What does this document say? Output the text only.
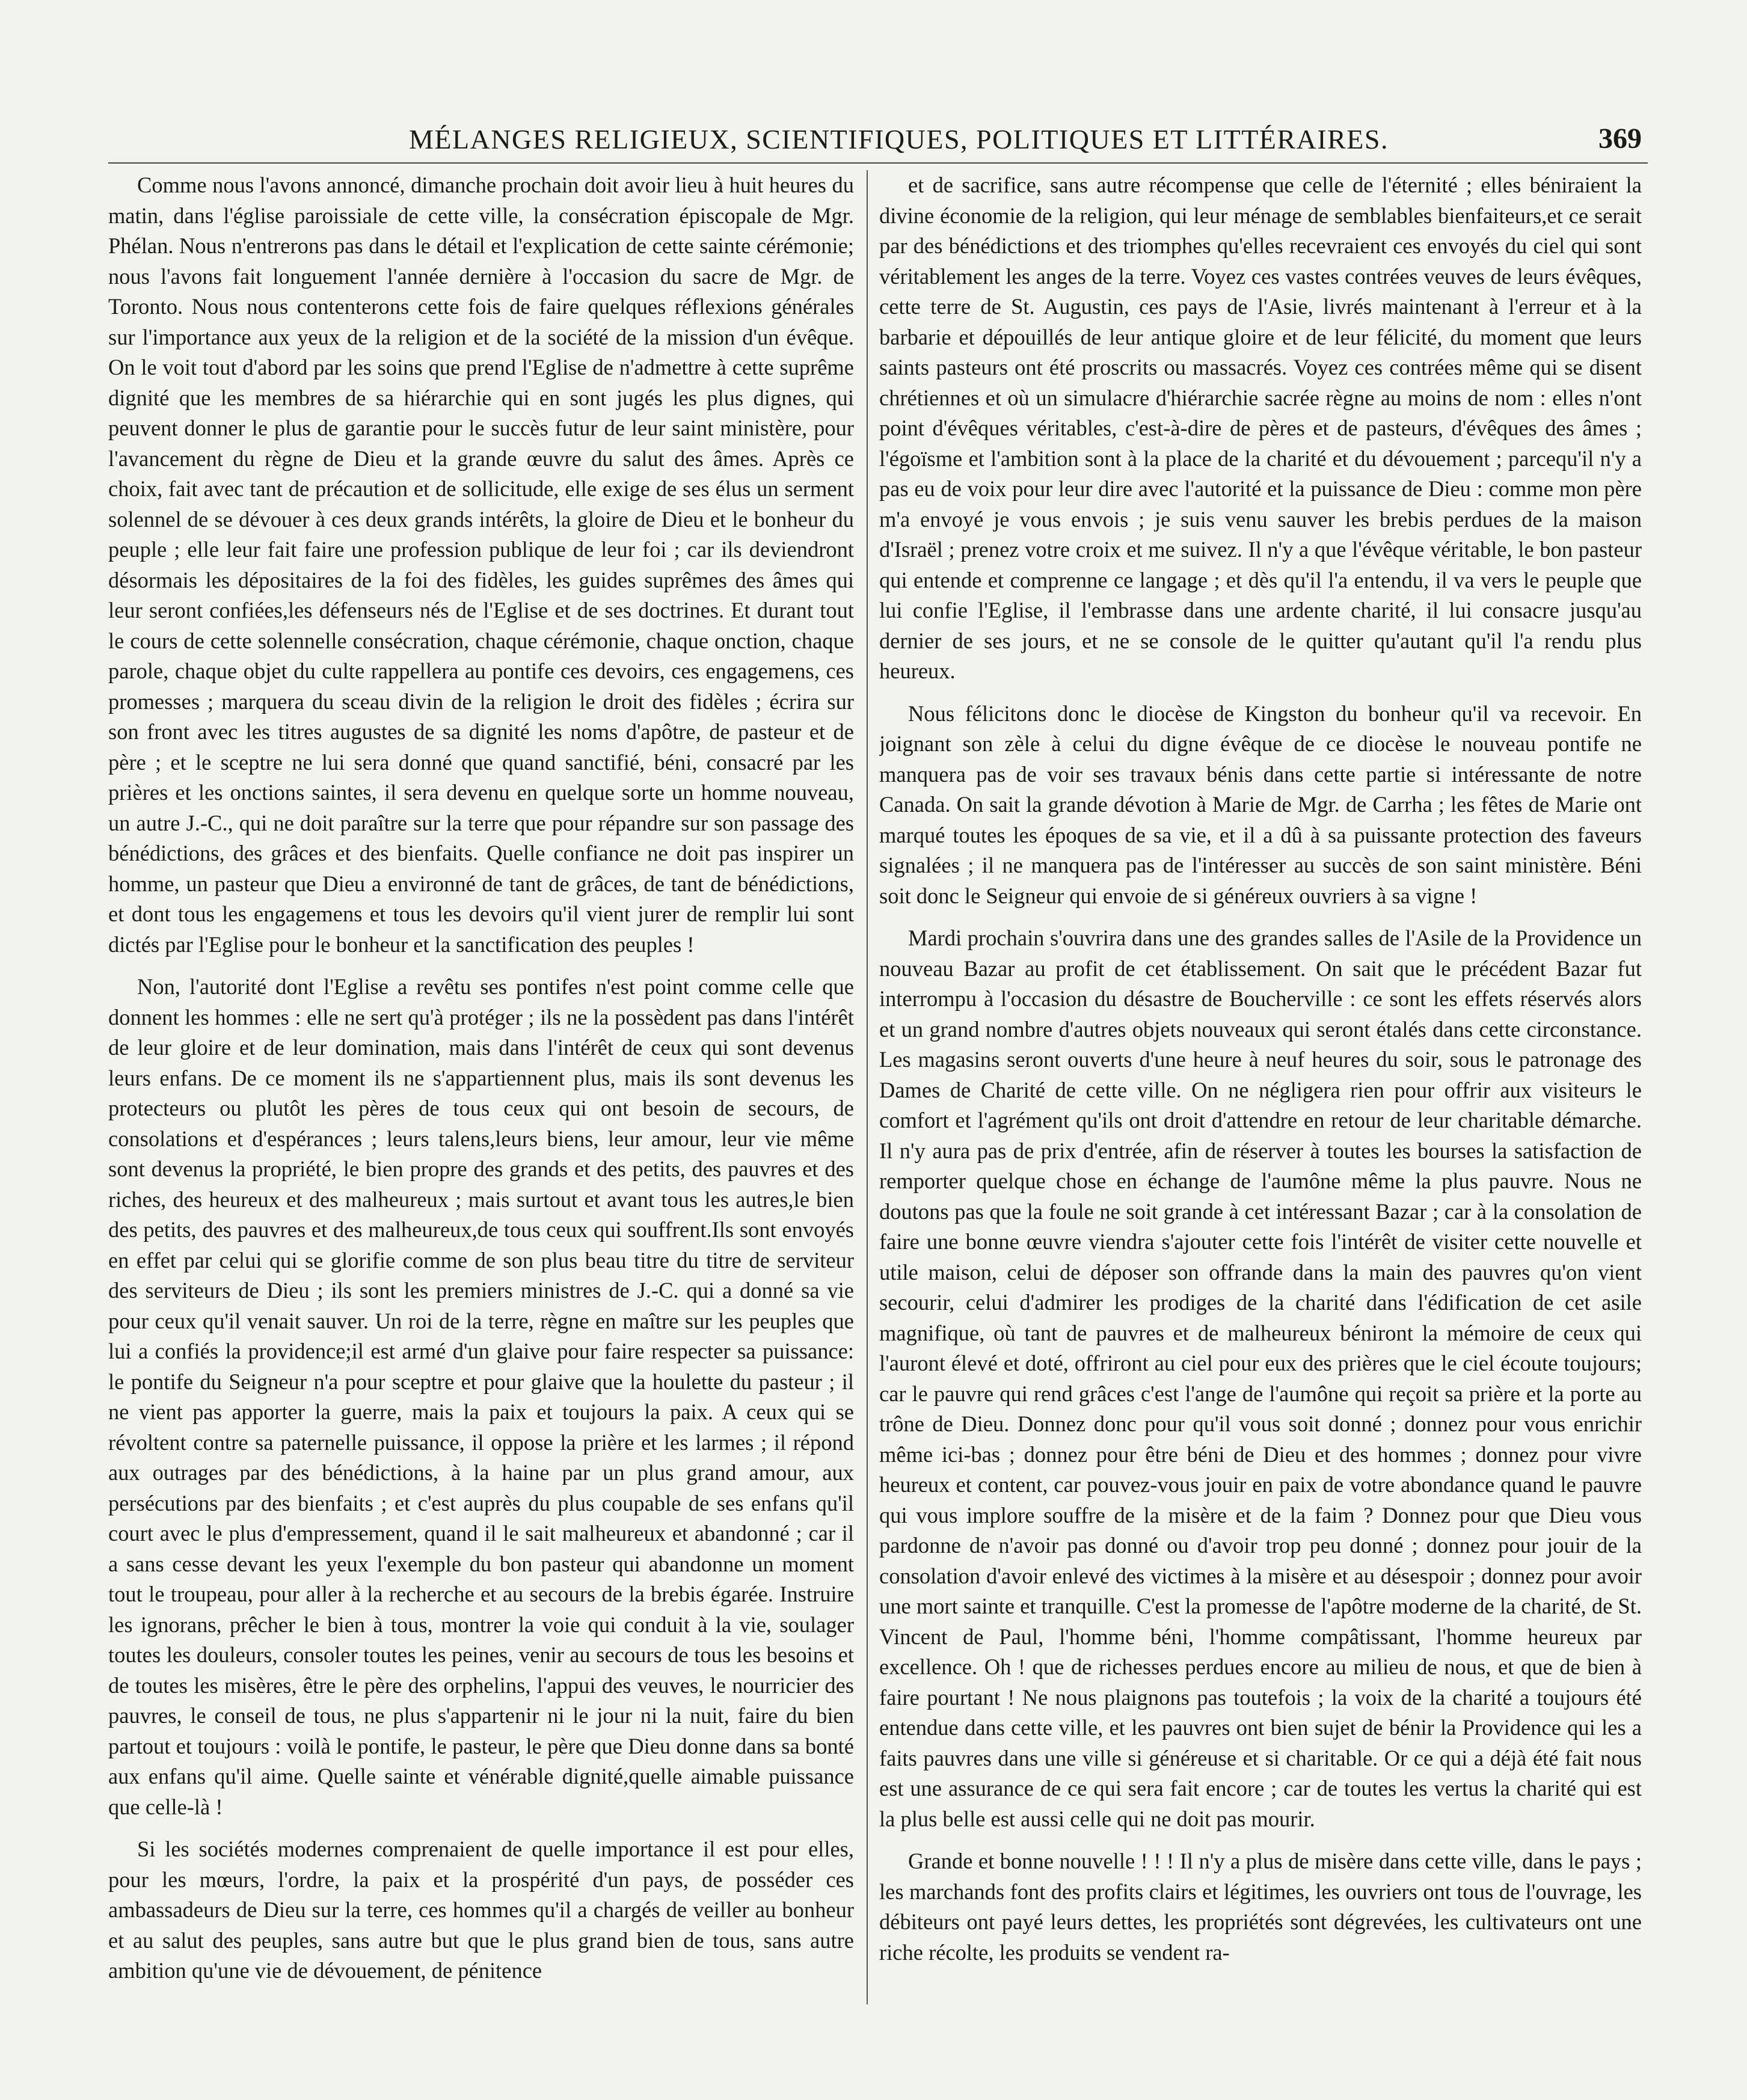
MÉLANGES RELIGIEUX, SCIENTIFIQUES, POLITIQUES ET LITTÉRAIRES.	369

Comme nous l'avons annoncé, dimanche prochain doit avoir lieu à huit heures du matin, dans l'église paroissiale de cette ville, la consécration épiscopale de Mgr. Phélan. Nous n'entrerons pas dans le détail et l'explication de cette sainte cérémonie; nous l'avons fait longuement l'année dernière à l'occasion du sacre de Mgr. de Toronto. Nous nous contenterons cette fois de faire quelques réflexions générales sur l'importance aux yeux de la religion et de la société de la mission d'un évêque. On le voit tout d'abord par les soins que prend l'Eglise de n'admettre à cette suprême dignité que les membres de sa hiérarchie qui en sont jugés les plus dignes, qui peuvent donner le plus de garantie pour le succès futur de leur saint ministère, pour l'avancement du règne de Dieu et la grande œuvre du salut des âmes. Après ce choix, fait avec tant de précaution et de sollicitude, elle exige de ses élus un serment solennel de se dévouer à ces deux grands intérêts, la gloire de Dieu et le bonheur du peuple ; elle leur fait faire une profession publique de leur foi ; car ils deviendront désormais les dépositaires de la foi des fidèles, les guides suprêmes des âmes qui leur seront confiées,les défenseurs nés de l'Eglise et de ses doctrines. Et durant tout le cours de cette solennelle consécration, chaque cérémonie, chaque onction, chaque parole, chaque objet du culte rappellera au pontife ces devoirs, ces engagemens, ces promesses ; marquera du sceau divin de la religion le droit des fidèles ; écrira sur son front avec les titres augustes de sa dignité les noms d'apôtre, de pasteur et de père ; et le sceptre ne lui sera donné que quand sanctifié, béni, consacré par les prières et les onctions saintes, il sera devenu en quelque sorte un homme nouveau, un autre J.-C., qui ne doit paraître sur la terre que pour répandre sur son passage des bénédictions, des grâces et des bienfaits. Quelle confiance ne doit pas inspirer un homme, un pasteur que Dieu a environné de tant de grâces, de tant de bénédictions, et dont tous les engagemens et tous les devoirs qu'il vient jurer de remplir lui sont dictés par l'Eglise pour le bonheur et la sanctification des peuples !

Non, l'autorité dont l'Eglise a revêtu ses pontifes n'est point comme celle que donnent les hommes : elle ne sert qu'à protéger ; ils ne la possèdent pas dans l'intérêt de leur gloire et de leur domination, mais dans l'intérêt de ceux qui sont devenus leurs enfans. De ce moment ils ne s'appartiennent plus, mais ils sont devenus les protecteurs ou plutôt les pères de tous ceux qui ont besoin de secours, de consolations et d'espérances ; leurs talens,leurs biens, leur amour, leur vie même sont devenus la propriété, le bien propre des grands et des petits, des pauvres et des riches, des heureux et des malheureux ; mais surtout et avant tous les autres,le bien des petits, des pauvres et des malheureux,de tous ceux qui souffrent.Ils sont envoyés en effet par celui qui se glorifie comme de son plus beau titre du titre de serviteur des serviteurs de Dieu ; ils sont les premiers ministres de J.-C. qui a donné sa vie pour ceux qu'il venait sauver. Un roi de la terre, règne en maître sur les peuples que lui a confiés la providence;il est armé d'un glaive pour faire respecter sa puissance: le pontife du Seigneur n'a pour sceptre et pour glaive que la houlette du pasteur ; il ne vient pas apporter la guerre, mais la paix et toujours la paix. A ceux qui se révoltent contre sa paternelle puissance, il oppose la prière et les larmes ; il répond aux outrages par des bénédictions, à la haine par un plus grand amour, aux persécutions par des bienfaits ; et c'est auprès du plus coupable de ses enfans qu'il court avec le plus d'empressement, quand il le sait malheureux et abandonné ; car il a sans cesse devant les yeux l'exemple du bon pasteur qui abandonne un moment tout le troupeau, pour aller à la recherche et au secours de la brebis égarée. Instruire les ignorans, prêcher le bien à tous, montrer la voie qui conduit à la vie, soulager toutes les douleurs, consoler toutes les peines, venir au secours de tous les besoins et de toutes les misères, être le père des orphelins, l'appui des veuves, le nourricier des pauvres, le conseil de tous, ne plus s'appartenir ni le jour ni la nuit, faire du bien partout et toujours : voilà le pontife, le pasteur, le père que Dieu donne dans sa bonté aux enfans qu'il aime. Quelle sainte et vénérable dignité,quelle aimable puissance que celle-là !

Si les sociétés modernes comprenaient de quelle importance il est pour elles, pour les mœurs, l'ordre, la paix et la prospérité d'un pays, de posséder ces ambassadeurs de Dieu sur la terre, ces hommes qu'il a chargés de veiller au bonheur et au salut des peuples, sans autre but que le plus grand bien de tous, sans autre ambition qu'une vie de dévouement, de pénitence

et de sacrifice, sans autre récompense que celle de l'éternité ; elles béniraient la divine économie de la religion, qui leur ménage de semblables bienfaiteurs,et ce serait par des bénédictions et des triomphes qu'elles recevraient ces envoyés du ciel qui sont véritablement les anges de la terre. Voyez ces vastes contrées veuves de leurs évêques, cette terre de St. Augustin, ces pays de l'Asie, livrés maintenant à l'erreur et à la barbarie et dépouillés de leur antique gloire et de leur félicité, du moment que leurs saints pasteurs ont été proscrits ou massacrés. Voyez ces contrées même qui se disent chrétiennes et où un simulacre d'hiérarchie sacrée règne au moins de nom : elles n'ont point d'évêques véritables, c'est-à-dire de pères et de pasteurs, d'évêques des âmes ; l'égoïsme et l'ambition sont à la place de la charité et du dévouement ; parcequ'il n'y a pas eu de voix pour leur dire avec l'autorité et la puissance de Dieu : comme mon père m'a envoyé je vous envois ; je suis venu sauver les brebis perdues de la maison d'Israël ; prenez votre croix et me suivez. Il n'y a que l'évêque véritable, le bon pasteur qui entende et comprenne ce langage ; et dès qu'il l'a entendu, il va vers le peuple que lui confie l'Eglise, il l'embrasse dans une ardente charité, il lui consacre jusqu'au dernier de ses jours, et ne se console de le quitter qu'autant qu'il l'a rendu plus heureux.

Nous félicitons donc le diocèse de Kingston du bonheur qu'il va recevoir. En joignant son zèle à celui du digne évêque de ce diocèse le nouveau pontife ne manquera pas de voir ses travaux bénis dans cette partie si intéressante de notre Canada. On sait la grande dévotion à Marie de Mgr. de Carrha ; les fêtes de Marie ont marqué toutes les époques de sa vie, et il a dû à sa puissante protection des faveurs signalées ; il ne manquera pas de l'intéresser au succès de son saint ministère. Béni soit donc le Seigneur qui envoie de si généreux ouvriers à sa vigne !

Mardi prochain s'ouvrira dans une des grandes salles de l'Asile de la Providence un nouveau Bazar au profit de cet établissement. On sait que le précédent Bazar fut interrompu à l'occasion du désastre de Boucherville : ce sont les effets réservés alors et un grand nombre d'autres objets nouveaux qui seront étalés dans cette circonstance. Les magasins seront ouverts d'une heure à neuf heures du soir, sous le patronage des Dames de Charité de cette ville. On ne négligera rien pour offrir aux visiteurs le comfort et l'agrément qu'ils ont droit d'attendre en retour de leur charitable démarche. Il n'y aura pas de prix d'entrée, afin de réserver à toutes les bourses la satisfaction de remporter quelque chose en échange de l'aumône même la plus pauvre. Nous ne doutons pas que la foule ne soit grande à cet intéressant Bazar ; car à la consolation de faire une bonne œuvre viendra s'ajouter cette fois l'intérêt de visiter cette nouvelle et utile maison, celui de déposer son offrande dans la main des pauvres qu'on vient secourir, celui d'admirer les prodiges de la charité dans l'édification de cet asile magnifique, où tant de pauvres et de malheureux béniront la mémoire de ceux qui l'auront élevé et doté, offriront au ciel pour eux des prières que le ciel écoute toujours; car le pauvre qui rend grâces c'est l'ange de l'aumône qui reçoit sa prière et la porte au trône de Dieu. Donnez donc pour qu'il vous soit donné ; donnez pour vous enrichir même ici-bas ; donnez pour être béni de Dieu et des hommes ; donnez pour vivre heureux et content, car pouvez-vous jouir en paix de votre abondance quand le pauvre qui vous implore souffre de la misère et de la faim ? Donnez pour que Dieu vous pardonne de n'avoir pas donné ou d'avoir trop peu donné ; donnez pour jouir de la consolation d'avoir enlevé des victimes à la misère et au désespoir ; donnez pour avoir une mort sainte et tranquille. C'est la promesse de l'apôtre moderne de la charité, de St. Vincent de Paul, l'homme béni, l'homme compâtissant, l'homme heureux par excellence. Oh ! que de richesses perdues encore au milieu de nous, et que de bien à faire pourtant ! Ne nous plaignons pas toutefois ; la voix de la charité a toujours été entendue dans cette ville, et les pauvres ont bien sujet de bénir la Providence qui les a faits pauvres dans une ville si généreuse et si charitable. Or ce qui a déjà été fait nous est une assurance de ce qui sera fait encore ; car de toutes les vertus la charité qui est la plus belle est aussi celle qui ne doit pas mourir.

Grande et bonne nouvelle ! ! ! Il n'y a plus de misère dans cette ville, dans le pays ; les marchands font des profits clairs et légitimes, les ouvriers ont tous de l'ouvrage, les débiteurs ont payé leurs dettes, les propriétés sont dégrevées, les cultivateurs ont une riche récolte, les produits se vendent ra-
